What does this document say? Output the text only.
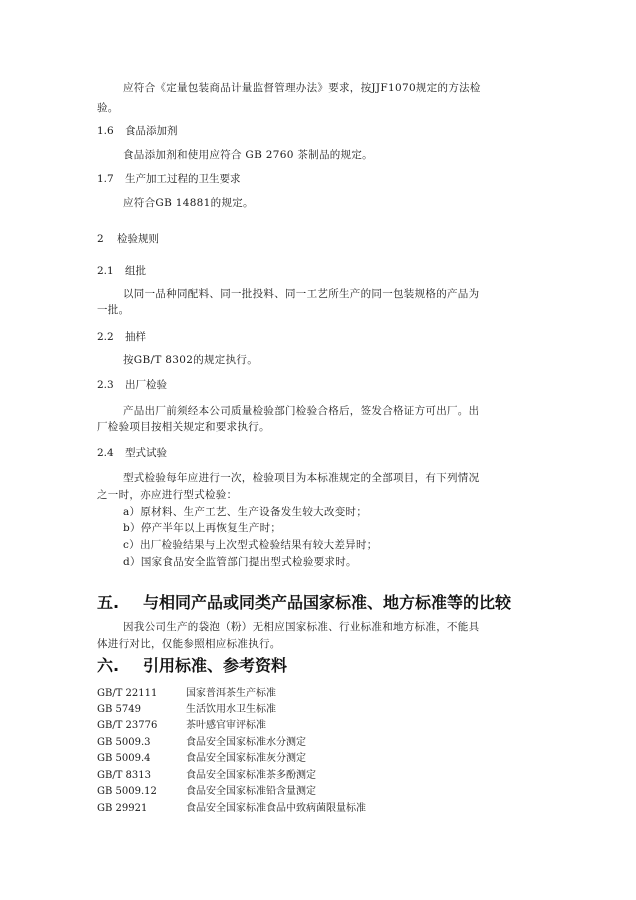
应符合《定量包装商品计量监督管理办法》要求，按JJF1070规定的方法检
验。
1.6 食品添加剂
食品添加剂和使用应符合 GB 2760 茶制品的规定。
1.7 生产加工过程的卫生要求
应符合GB 14881的规定。
2 检验规则
2.1 组批
以同一品种同配料、同一批投料、同一工艺所生产的同一包装规格的产品为
一批。
2.2 抽样
按GB/T 8302的规定执行。
2.3 出厂检验
产品出厂前须经本公司质量检验部门检验合格后，签发合格证方可出厂。出
厂检验项目按相关规定和要求执行。
2.4 型式试验
型式检验每年应进行一次，检验项目为本标准规定的全部项目，有下列情况
之一时，亦应进行型式检验：
a）原材料、生产工艺、生产设备发生较大改变时；
b）停产半年以上再恢复生产时；
c）出厂检验结果与上次型式检验结果有较大差异时；
d）国家食品安全监管部门提出型式检验要求时。
五. 与相同产品或同类产品国家标准、地方标准等的比较
因我公司生产的袋泡（粉）无相应国家标准、行业标准和地方标准，不能具
体进行对比，仅能参照相应标准执行。
六. 引用标准、参考资料
GB/T 22111	国家普洱茶生产标准
GB 5749	生活饮用水卫生标准
GB/T 23776	茶叶感官审评标准
GB 5009.3	食品安全国家标准水分测定
GB 5009.4	食品安全国家标准灰分测定
GB/T 8313	食品安全国家标准茶多酚测定
GB 5009.12	食品安全国家标准铅含量测定
GB 29921	食品安全国家标准食品中致病菌限量标准
